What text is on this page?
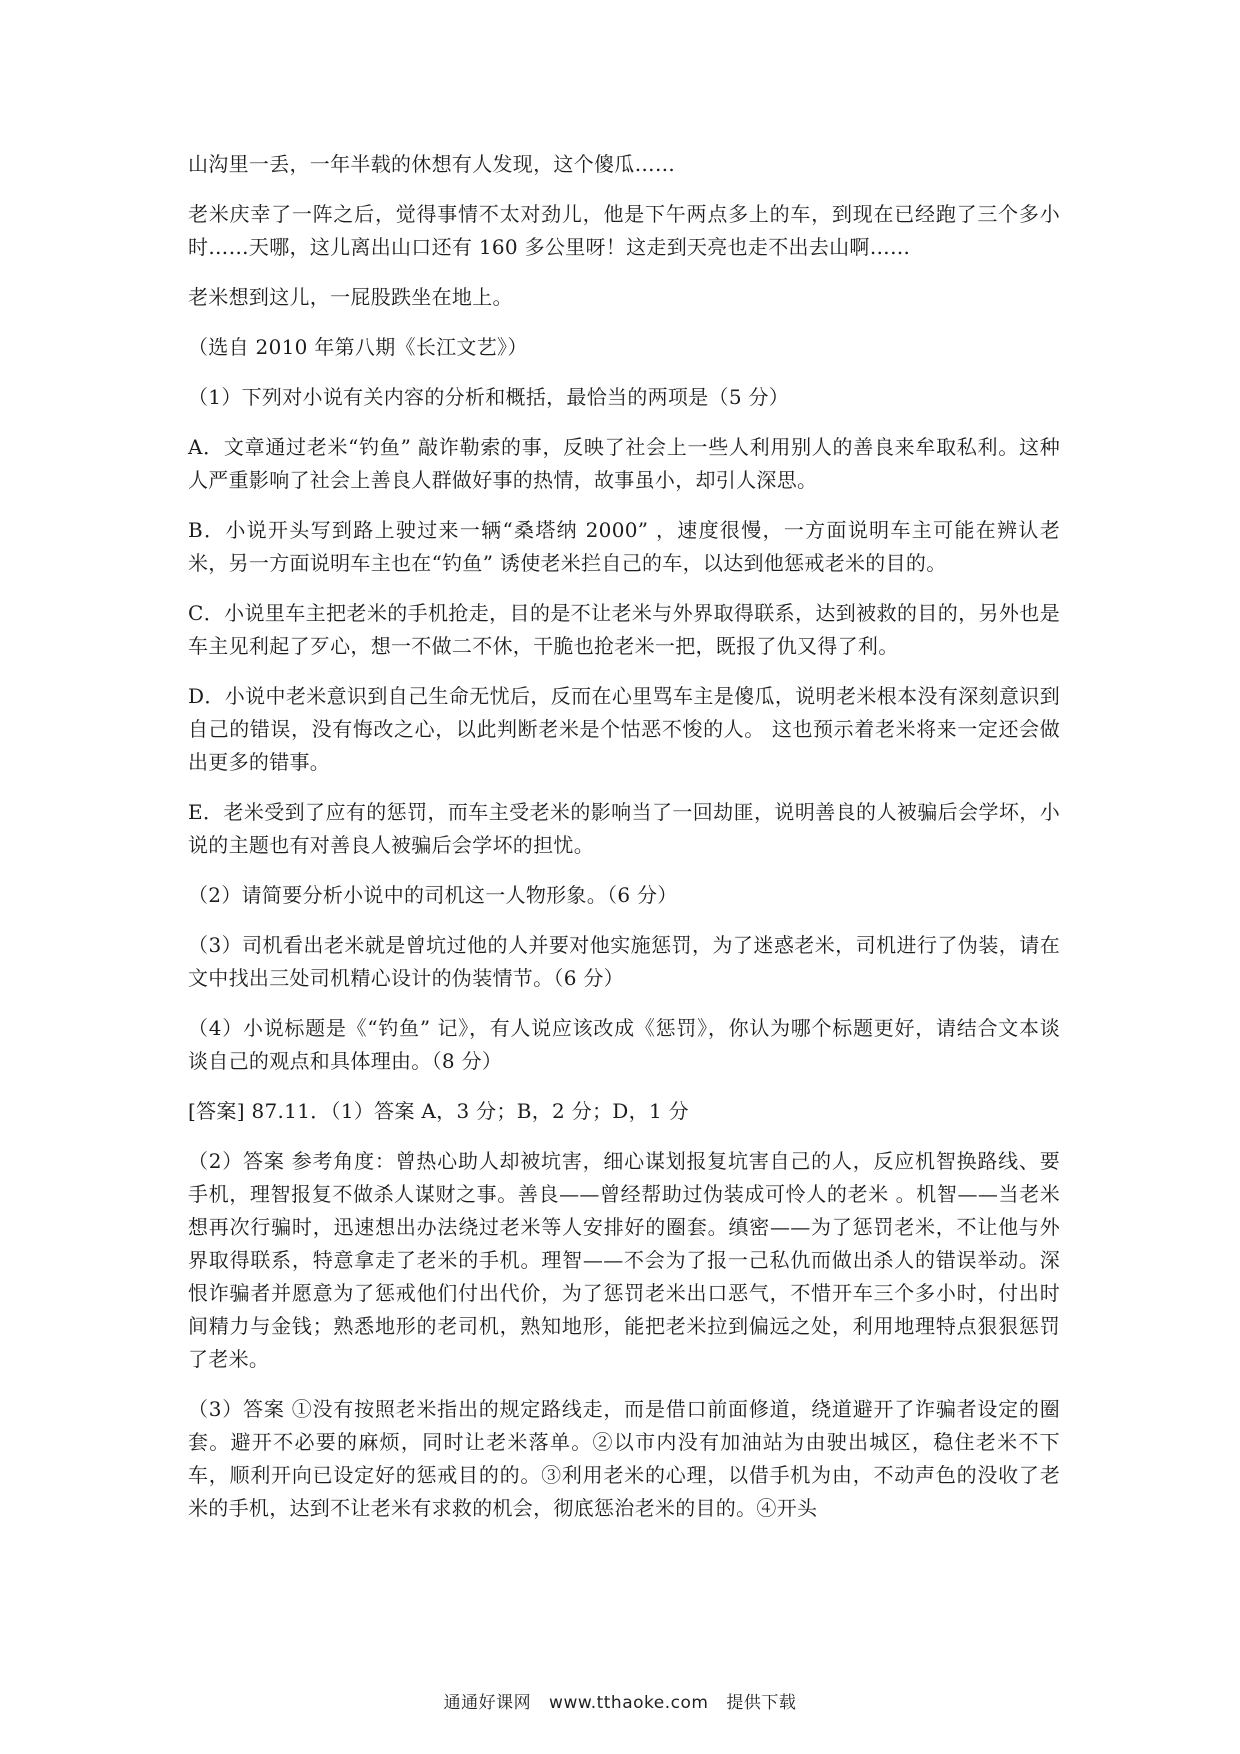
山沟里一丢，一年半载的休想有人发现，这个傻瓜……

老米庆幸了一阵之后，觉得事情不太对劲儿，他是下午两点多上的车，到现在已经跑了三个多小时……天哪，这儿离出山口还有 160 多公里呀！这走到天亮也走不出去山啊……

老米想到这儿，一屁股跌坐在地上。

（选自 2010 年第八期《长江文艺》）

（1）下列对小说有关内容的分析和概括，最恰当的两项是（5 分）

A．文章通过老米“钓鱼” 敲诈勒索的事，反映了社会上一些人利用别人的善良来牟取私利。这种人严重影响了社会上善良人群做好事的热情，故事虽小，却引人深思。

B．小说开头写到路上驶过来一辆“桑塔纳 2000” ，速度很慢，一方面说明车主可能在辨认老米，另一方面说明车主也在“钓鱼” 诱使老米拦自己的车，以达到他惩戒老米的目的。

C．小说里车主把老米的手机抢走，目的是不让老米与外界取得联系，达到被救的目的，另外也是车主见利起了歹心，想一不做二不休，干脆也抢老米一把，既报了仇又得了利。

D．小说中老米意识到自己生命无忧后，反而在心里骂车主是傻瓜，说明老米根本没有深刻意识到自己的错误，没有悔改之心，以此判断老米是个怙恶不悛的人。 这也预示着老米将来一定还会做出更多的错事。

E．老米受到了应有的惩罚，而车主受老米的影响当了一回劫匪，说明善良的人被骗后会学坏，小说的主题也有对善良人被骗后会学坏的担忧。

（2）请简要分析小说中的司机这一人物形象。（6 分）

（3）司机看出老米就是曾坑过他的人并要对他实施惩罚，为了迷惑老米，司机进行了伪装，请在文中找出三处司机精心设计的伪装情节。（6 分）

（4）小说标题是《“钓鱼” 记》，有人说应该改成《惩罚》，你认为哪个标题更好，请结合文本谈谈自己的观点和具体理由。（8 分）

[答案] 87.11．（1）答案 A，3 分；B，2 分；D，1 分

（2）答案 参考角度：曾热心助人却被坑害，细心谋划报复坑害自己的人，反应机智换路线、要手机，理智报复不做杀人谋财之事。善良——曾经帮助过伪装成可怜人的老米 。机智——当老米想再次行骗时，迅速想出办法绕过老米等人安排好的圈套。缜密——为了惩罚老米，不让他与外界取得联系，特意拿走了老米的手机。理智——不会为了报一己私仇而做出杀人的错误举动。深恨诈骗者并愿意为了惩戒他们付出代价，为了惩罚老米出口恶气，不惜开车三个多小时，付出时间精力与金钱；熟悉地形的老司机，熟知地形，能把老米拉到偏远之处，利用地理特点狠狠惩罚了老米。

（3）答案 ①没有按照老米指出的规定路线走，而是借口前面修道，绕道避开了诈骗者设定的圈套。避开不必要的麻烦，同时让老米落单。②以市内没有加油站为由驶出城区，稳住老米不下车，顺利开向已设定好的惩戒目的的。③利用老米的心理，以借手机为由，不动声色的没收了老米的手机，达到不让老米有求救的机会，彻底惩治老米的目的。④开头

通通好课网 www.tthaoke.com 提供下载
